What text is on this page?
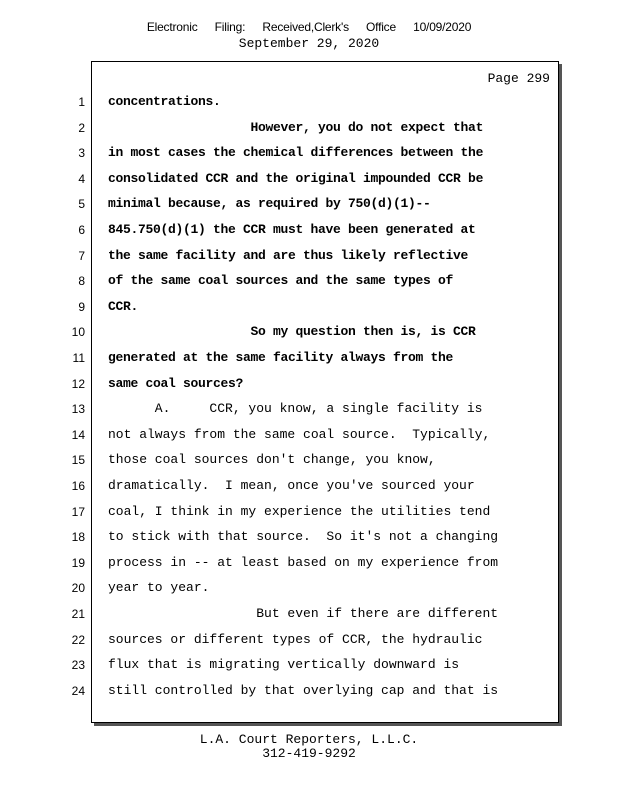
Electronic Filing: Received,Clerk's Office 10/09/2020
September 29, 2020
Page 299
1
2
3
4
5
6
7
8
9
10
11
12
13
14
15
16
17
18
19
20
21
22
23
24
concentrations.
However, you do not expect that
in most cases the chemical differences between the
consolidated CCR and the original impounded CCR be
minimal because, as required by 750(d)(1)--
845.750(d)(1) the CCR must have been generated at
the same facility and are thus likely reflective
of the same coal sources and the same types of
CCR.
So my question then is, is CCR
generated at the same facility always from the
same coal sources?
A.     CCR, you know, a single facility is
not always from the same coal source.  Typically,
those coal sources don't change, you know,
dramatically.  I mean, once you've sourced your
coal, I think in my experience the utilities tend
to stick with that source.  So it's not a changing
process in -- at least based on my experience from
year to year.
But even if there are different
sources or different types of CCR, the hydraulic
flux that is migrating vertically downward is
still controlled by that overlying cap and that is
L.A. Court Reporters, L.L.C.
312-419-9292
